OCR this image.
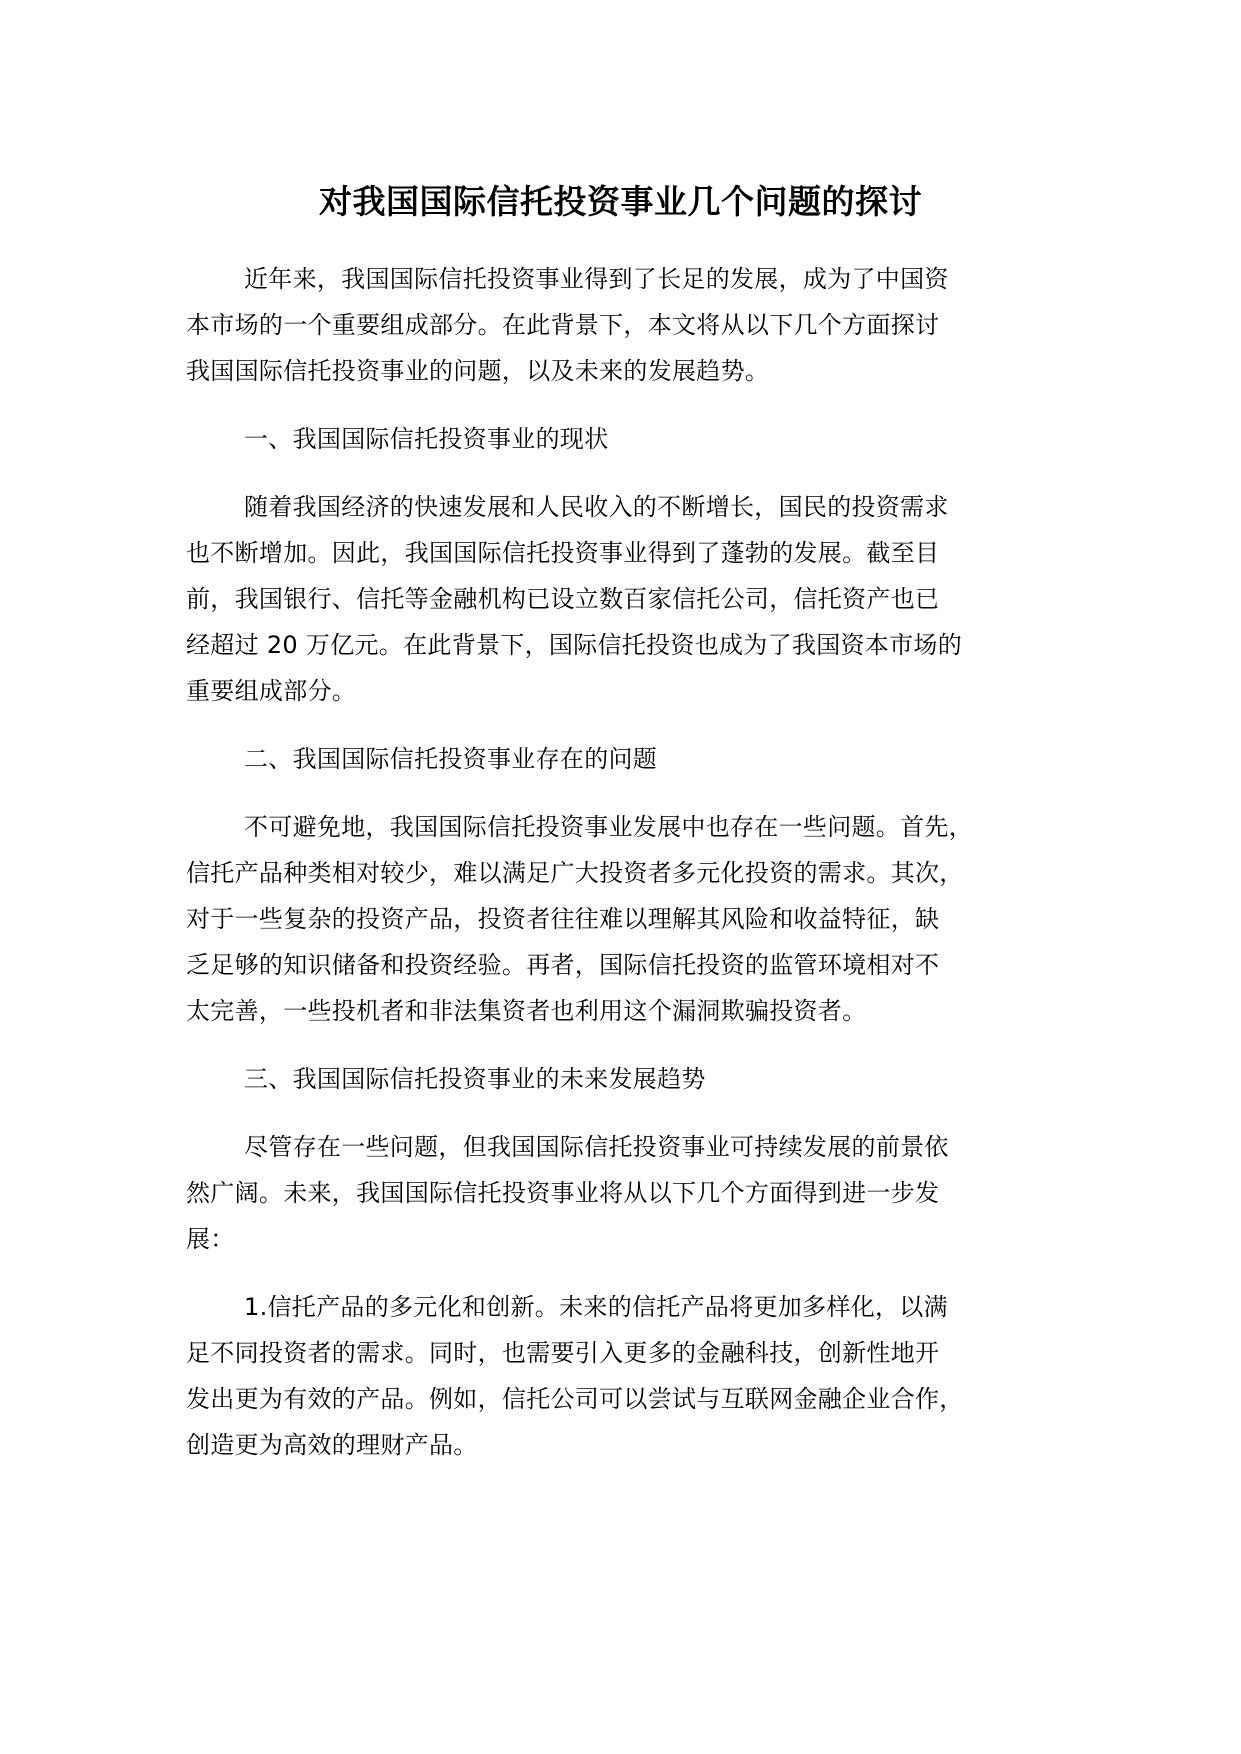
对我国国际信托投资事业几个问题的探讨
近年来，我国国际信托投资事业得到了长足的发展，成为了中国资
本市场的一个重要组成部分。在此背景下，本文将从以下几个方面探讨
我国国际信托投资事业的问题，以及未来的发展趋势。
一、我国国际信托投资事业的现状
随着我国经济的快速发展和人民收入的不断增长，国民的投资需求
也不断增加。因此，我国国际信托投资事业得到了蓬勃的发展。截至目
前，我国银行、信托等金融机构已设立数百家信托公司，信托资产也已
经超过 20 万亿元。在此背景下，国际信托投资也成为了我国资本市场的
重要组成部分。
二、我国国际信托投资事业存在的问题
不可避免地，我国国际信托投资事业发展中也存在一些问题。首先，
信托产品种类相对较少，难以满足广大投资者多元化投资的需求。其次，
对于一些复杂的投资产品，投资者往往难以理解其风险和收益特征，缺
乏足够的知识储备和投资经验。再者，国际信托投资的监管环境相对不
太完善，一些投机者和非法集资者也利用这个漏洞欺骗投资者。
三、我国国际信托投资事业的未来发展趋势
尽管存在一些问题，但我国国际信托投资事业可持续发展的前景依
然广阔。未来，我国国际信托投资事业将从以下几个方面得到进一步发
展：
1.信托产品的多元化和创新。未来的信托产品将更加多样化，以满
足不同投资者的需求。同时，也需要引入更多的金融科技，创新性地开
发出更为有效的产品。例如，信托公司可以尝试与互联网金融企业合作，
创造更为高效的理财产品。
